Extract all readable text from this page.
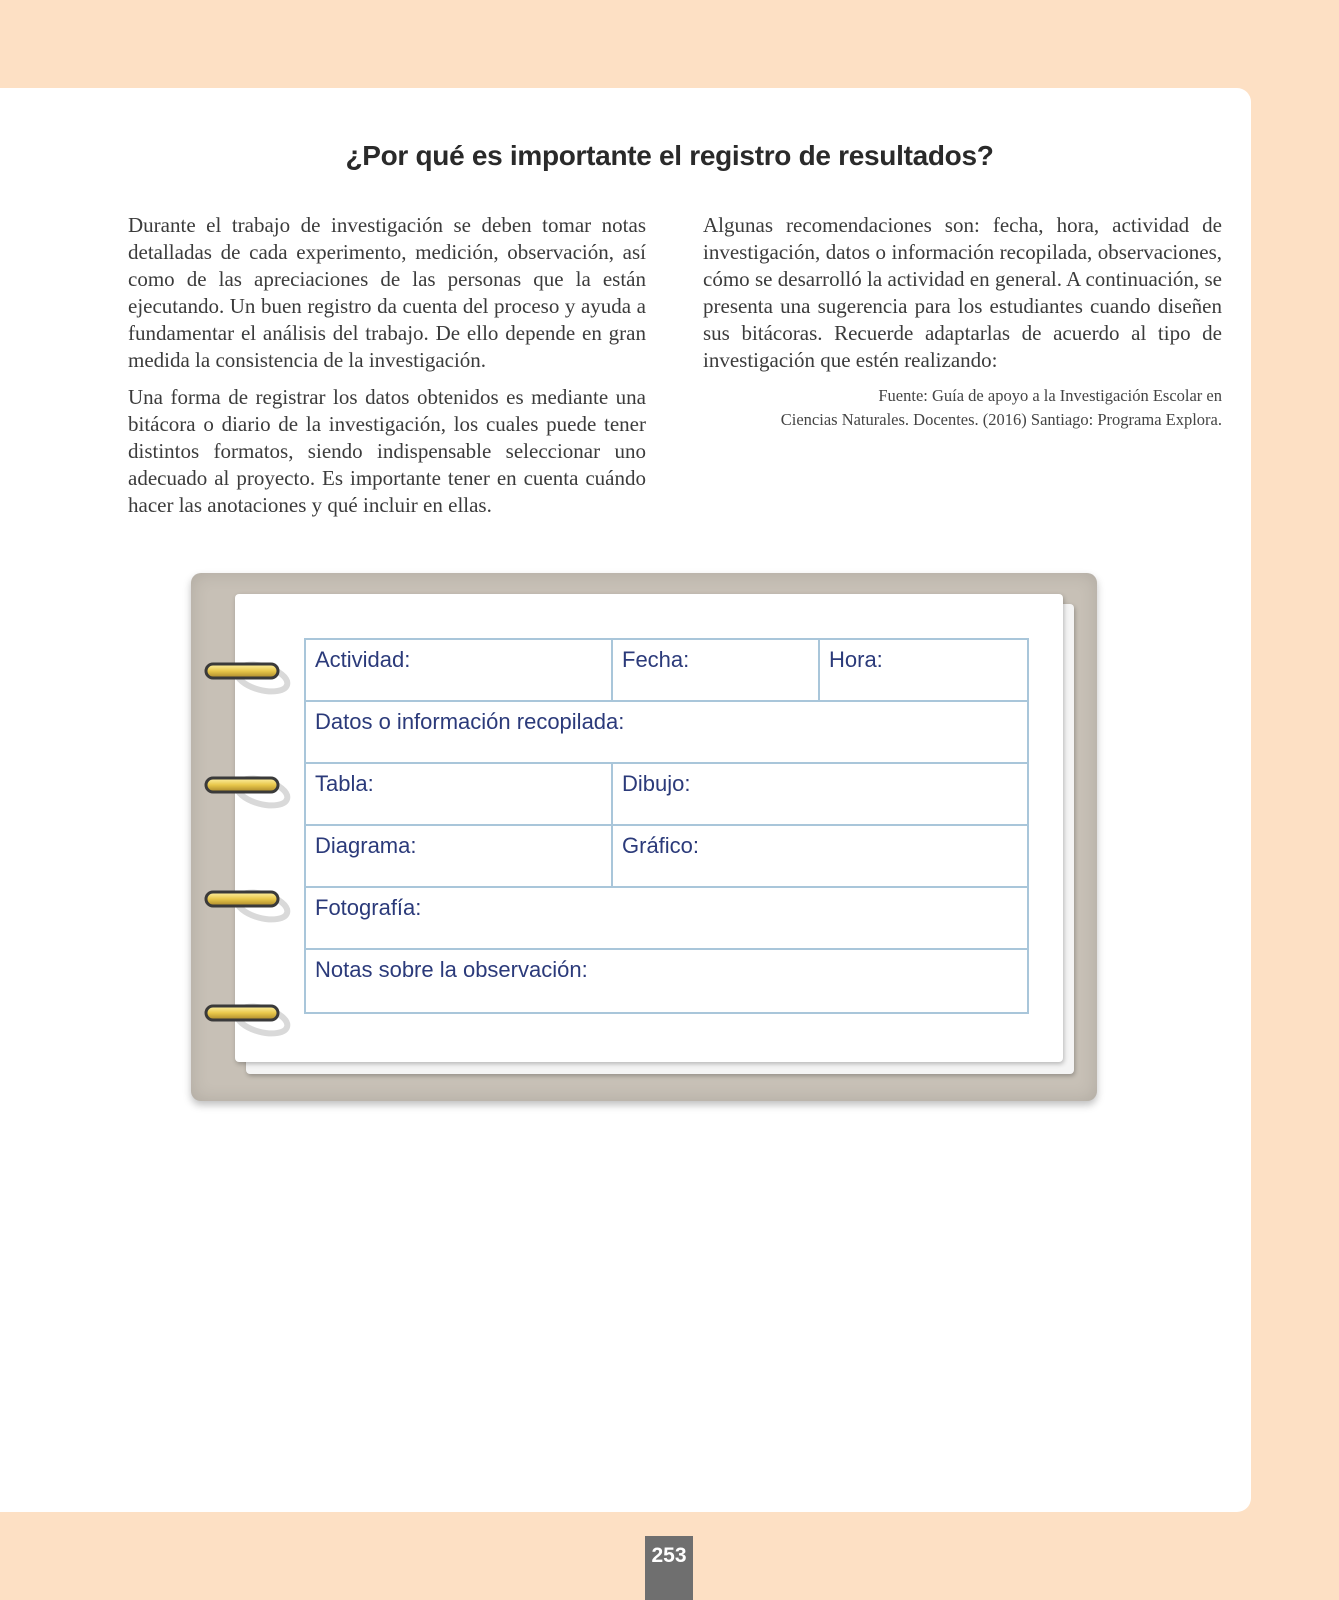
¿Por qué es importante el registro de resultados?

Durante el trabajo de investigación se deben tomar notas detalladas de cada experimento, medición, observación, así como de las apreciaciones de las personas que la están ejecutando. Un buen registro da cuenta del proceso y ayuda a fundamentar el análisis del trabajo. De ello depende en gran medida la consistencia de la investigación.

Una forma de registrar los datos obtenidos es mediante una bitácora o diario de la investigación, los cuales puede tener distintos formatos, siendo indispensable seleccionar uno adecuado al proyecto. Es importante tener en cuenta cuándo hacer las anotaciones y qué incluir en ellas.

Algunas recomendaciones son: fecha, hora, actividad de investigación, datos o información recopilada, observaciones, cómo se desarrolló la actividad en general. A continuación, se presenta una sugerencia para los estudiantes cuando diseñen sus bitácoras. Recuerde adaptarlas de acuerdo al tipo de investigación que estén realizando:

Fuente: Guía de apoyo a la Investigación Escolar en
Ciencias Naturales. Docentes. (2016) Santiago: Programa Explora.
Actividad:	Fecha:	Hora:
Datos o información recopilada:
Tabla:	Dibujo:
Diagrama:	Gráfico:
Fotografía:
Notas sobre la observación:
253
